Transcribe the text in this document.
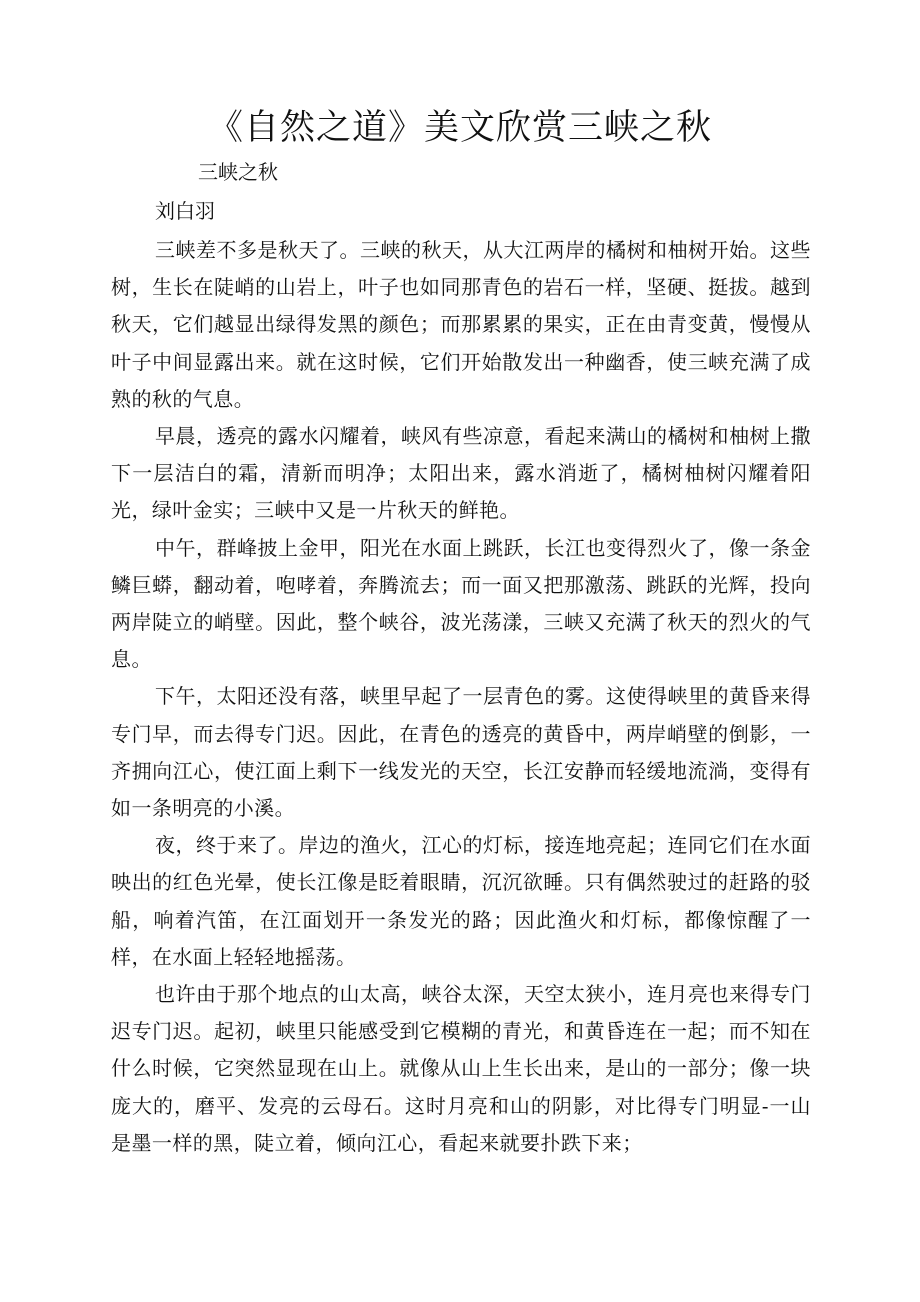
《自然之道》美文欣赏三峡之秋

三峡之秋

刘白羽

三峡差不多是秋天了。三峡的秋天，从大江两岸的橘树和柚树开始。这些树，生长在陡峭的山岩上，叶子也如同那青色的岩石一样，坚硬、挺拔。越到秋天，它们越显出绿得发黑的颜色；而那累累的果实，正在由青变黄，慢慢从叶子中间显露出来。就在这时候，它们开始散发出一种幽香，使三峡充满了成熟的秋的气息。

早晨，透亮的露水闪耀着，峡风有些凉意，看起来满山的橘树和柚树上撒下一层洁白的霜，清新而明净；太阳出来，露水消逝了，橘树柚树闪耀着阳光，绿叶金实；三峡中又是一片秋天的鲜艳。

中午，群峰披上金甲，阳光在水面上跳跃，长江也变得烈火了，像一条金鳞巨蟒，翻动着，咆哮着，奔腾流去；而一面又把那激荡、跳跃的光辉，投向两岸陡立的峭壁。因此，整个峡谷，波光荡漾，三峡又充满了秋天的烈火的气息。

下午，太阳还没有落，峡里早起了一层青色的雾。这使得峡里的黄昏来得专门早，而去得专门迟。因此，在青色的透亮的黄昏中，两岸峭壁的倒影，一齐拥向江心，使江面上剩下一线发光的天空，长江安静而轻缓地流淌，变得有如一条明亮的小溪。

夜，终于来了。岸边的渔火，江心的灯标，接连地亮起；连同它们在水面映出的红色光晕，使长江像是眨着眼睛，沉沉欲睡。只有偶然驶过的赶路的驳船，响着汽笛，在江面划开一条发光的路；因此渔火和灯标，都像惊醒了一样，在水面上轻轻地摇荡。

也许由于那个地点的山太高，峡谷太深，天空太狭小，连月亮也来得专门迟专门迟。起初，峡里只能感受到它模糊的青光，和黄昏连在一起；而不知在什么时候，它突然显现在山上。就像从山上生长出来，是山的一部分；像一块庞大的，磨平、发亮的云母石。这时月亮和山的阴影，对比得专门明显-一山是墨一样的黑，陡立着，倾向江心，看起来就要扑跌下来；
